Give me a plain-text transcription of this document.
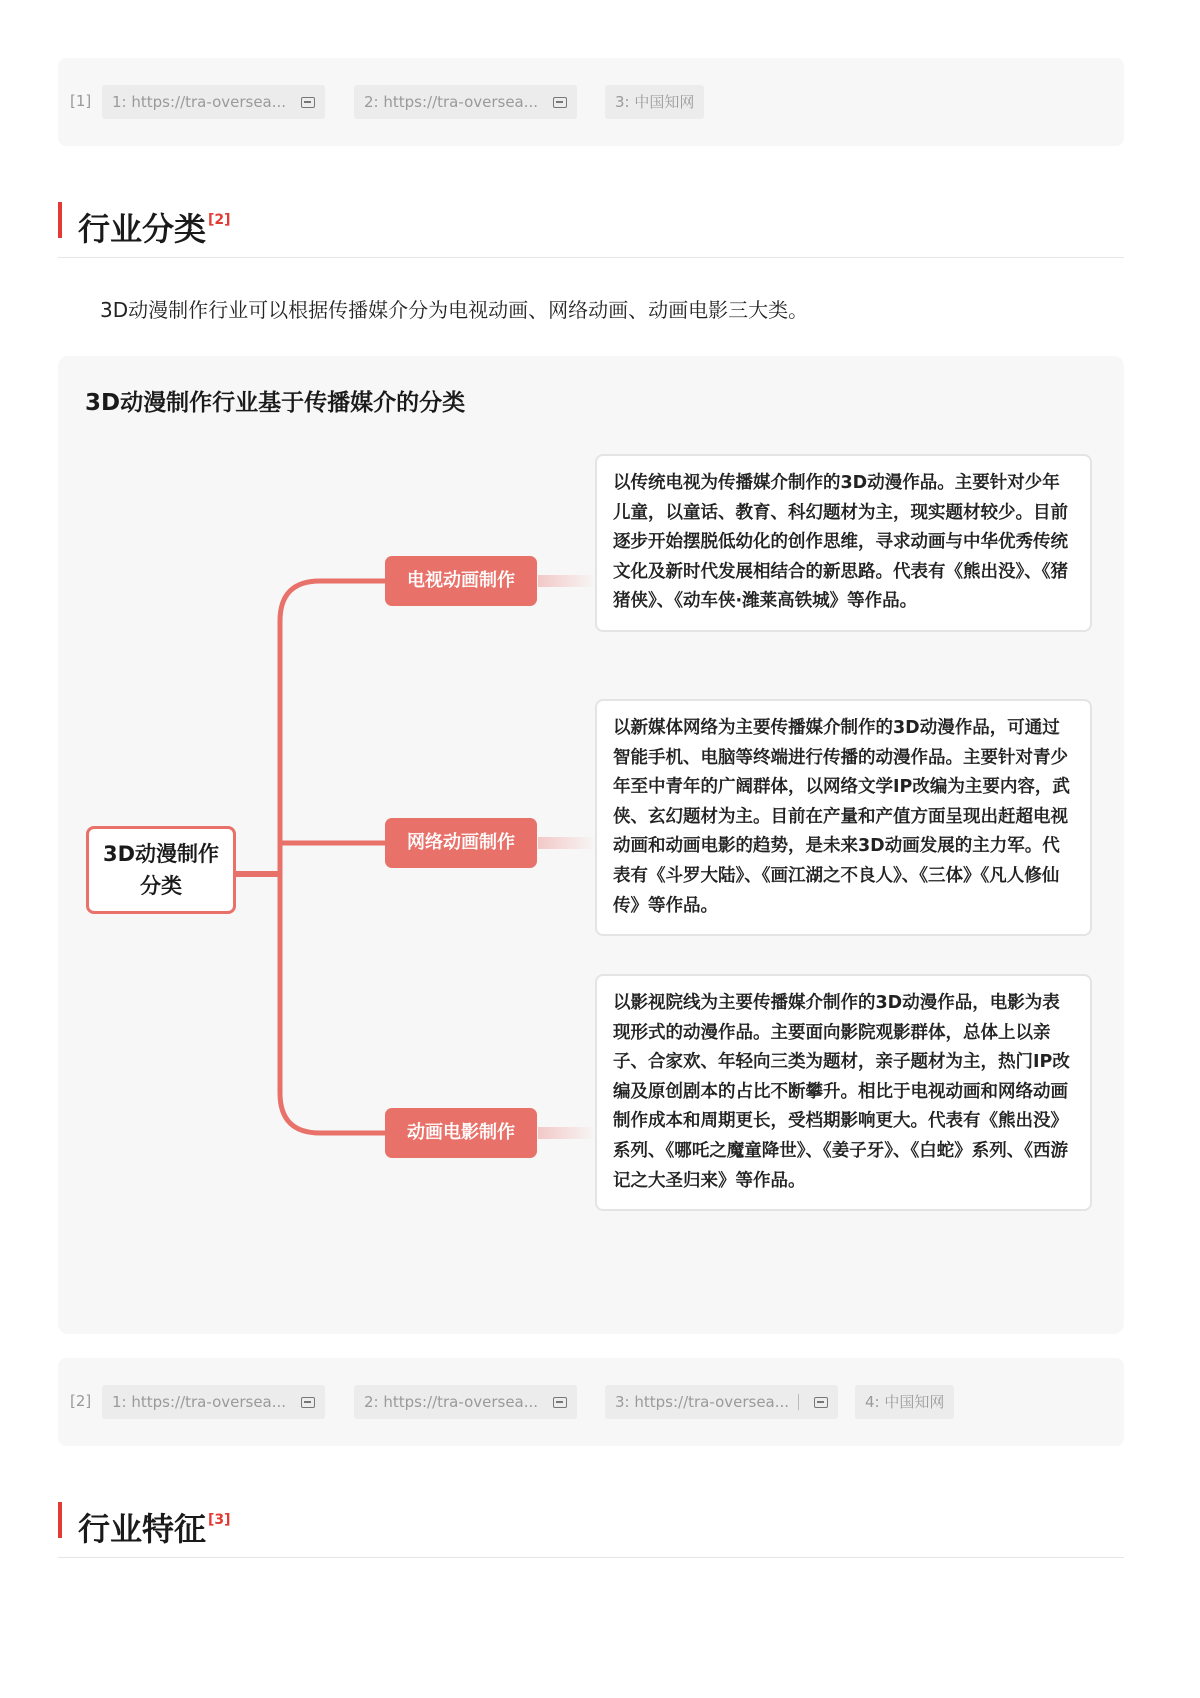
[1]	1: https://tra-oversea...	2: https://tra-oversea...	3: 中国知网
行业分类 [2]

3D动漫制作行业可以根据传播媒介分为电视动画、网络动画、动画电影三大类。

3D动漫制作行业基于传播媒介的分类
3D动漫制作分类
电视动画制作
以传统电视为传播媒介制作的3D动漫作品。主要针对少年儿童，以童话、教育、科幻题材为主，现实题材较少。目前逐步开始摆脱低幼化的创作思维，寻求动画与中华优秀传统文化及新时代发展相结合的新思路。代表有《熊出没》、《猪猪侠》、《动车侠·潍莱高铁城》等作品。
网络动画制作
以新媒体网络为主要传播媒介制作的3D动漫作品，可通过智能手机、电脑等终端进行传播的动漫作品。主要针对青少年至中青年的广阔群体，以网络文学IP改编为主要内容，武侠、玄幻题材为主。目前在产量和产值方面呈现出赶超电视动画和动画电影的趋势，是未来3D动画发展的主力军。代表有《斗罗大陆》、《画江湖之不良人》、《三体》《凡人修仙传》等作品。
动画电影制作
以影视院线为主要传播媒介制作的3D动漫作品，电影为表现形式的动漫作品。主要面向影院观影群体，总体上以亲子、合家欢、年轻向三类为题材，亲子题材为主，热门IP改编及原创剧本的占比不断攀升。相比于电视动画和网络动画制作成本和周期更长，受档期影响更大。代表有《熊出没》系列、《哪吒之魔童降世》、《姜子牙》、《白蛇》系列、《西游记之大圣归来》等作品。
[2]	1: https://tra-oversea...	2: https://tra-oversea...	3: https://tra-oversea...	4: 中国知网
行业特征 [3]
